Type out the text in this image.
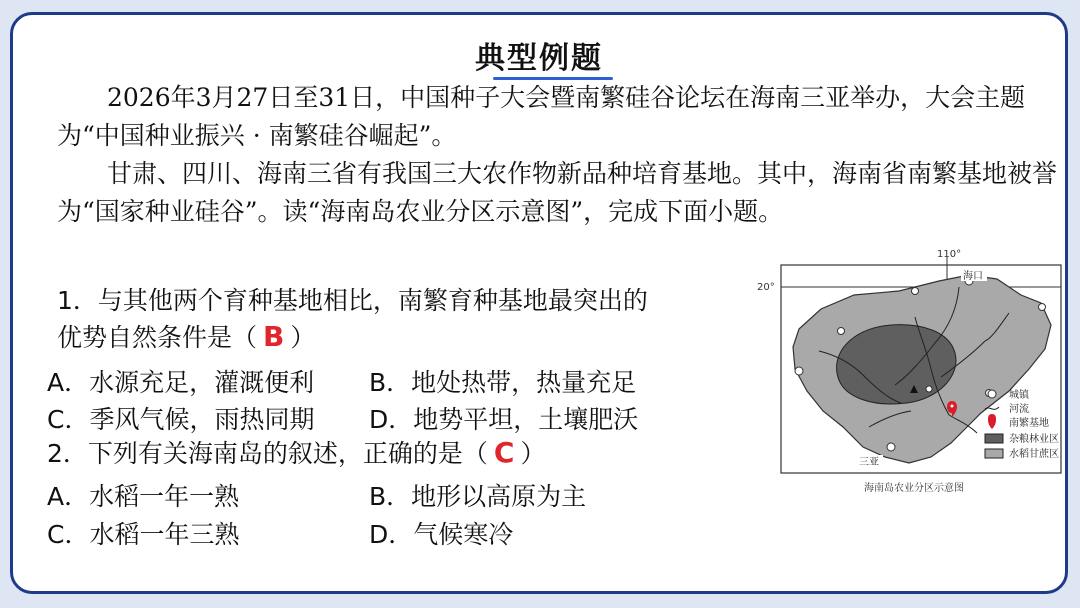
典型例题

2026年3月27日至31日，中国种子大会暨南繁硅谷论坛在海南三亚举办，大会主题为“中国种业振兴 · 南繁硅谷崛起”。

甘肃、四川、海南三省有我国三大农作物新品种培育基地。其中，海南省南繁基地被誉为“国家种业硅谷”。读“海南岛农业分区示意图”，完成下面小题。

1．与其他两个育种基地相比，南繁育种基地最突出的

优势自然条件是（ B ）

A．水源充足，灌溉便利 B．地处热带，热量充足
C．季风气候，雨热同期 D．地势平坦，土壤肥沃

2．下列有关海南岛的叙述，正确的是（ C ）

A．水稻一年一熟	B．地形以高原为主
C．水稻一年三熟	D．气候寒冷
110°
20°
海口
三亚
城镇
河流
南繁基地
杂粮林业区
水稻甘蔗区
海南岛农业分区示意图
